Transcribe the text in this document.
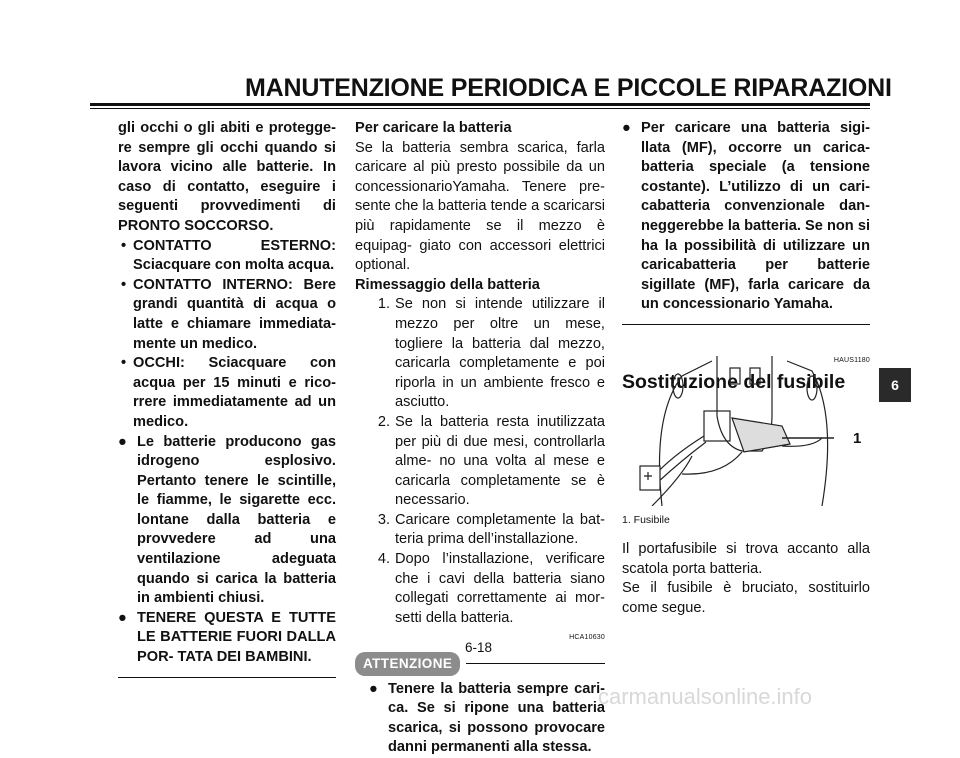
MANUTENZIONE PERIODICA E PICCOLE RIPARAZIONI

gli occhi o gli abiti e protegge- re sempre gli occhi quando si lavora vicino alle batterie. In caso di contatto, eseguire i seguenti provvedimenti di PRONTO SOCCORSO.

• CONTATTO ESTERNO: Sciacquare con molta acqua.
• CONTATTO INTERNO: Bere grandi quantità di acqua o latte e chiamare immediata- mente un medico.
• OCCHI: Sciacquare con acqua per 15 minuti e rico- rrere immediatamente ad un medico.
● Le batterie producono gas idrogeno esplosivo. Pertanto tenere le scintille, le fiamme, le sigarette ecc. lontane dalla batteria e provvedere ad una ventilazione adeguata quando si carica la batteria in ambienti chiusi.
● TENERE QUESTA E TUTTE LE BATTERIE FUORI DALLA POR- TATA DEI BAMBINI.

Per caricare la batteria

Se la batteria sembra scarica, farla caricare al più presto possibile da un concessionarioYamaha. Tenere pre- sente che la batteria tende a scaricarsi più rapidamente se il mezzo è equipag- giato con accessori elettrici optional.

Rimessaggio della batteria

1. Se non si intende utilizzare il mezzo per oltre un mese, togliere la batteria dal mezzo, caricarla completamente e poi riporla in un ambiente fresco e asciutto.
2. Se la batteria resta inutilizzata per più di due mesi, controllarla alme- no una volta al mese e caricarla completamente se è necessario.
3. Caricare completamente la bat- teria prima dell’installazione.
4. Dopo l’installazione, verificare che i cavi della batteria siano collegati correttamente ai mor- setti della batteria.
HCA10630
ATTENZIONE
● Tenere la batteria sempre cari- ca. Se si ripone una batteria scarica, si possono provocare danni permanenti alla stessa.
● Per caricare una batteria sigi- llata (MF), occorre un carica- batteria speciale (a tensione costante). L’utilizzo di un cari- cabatteria convenzionale dan- neggerebbe la batteria. Se non si ha la possibilità di utilizzare un caricabatteria per batterie sigillate (MF), farla caricare da un concessionario Yamaha.
HAUS1180
Sostituzione del fusibile
1
1. Fusibile

Il portafusibile si trova accanto alla scatola porta batteria.

Se il fusibile è bruciato, sostituirlo come segue.

6-18
6
carmanualsonline.info
